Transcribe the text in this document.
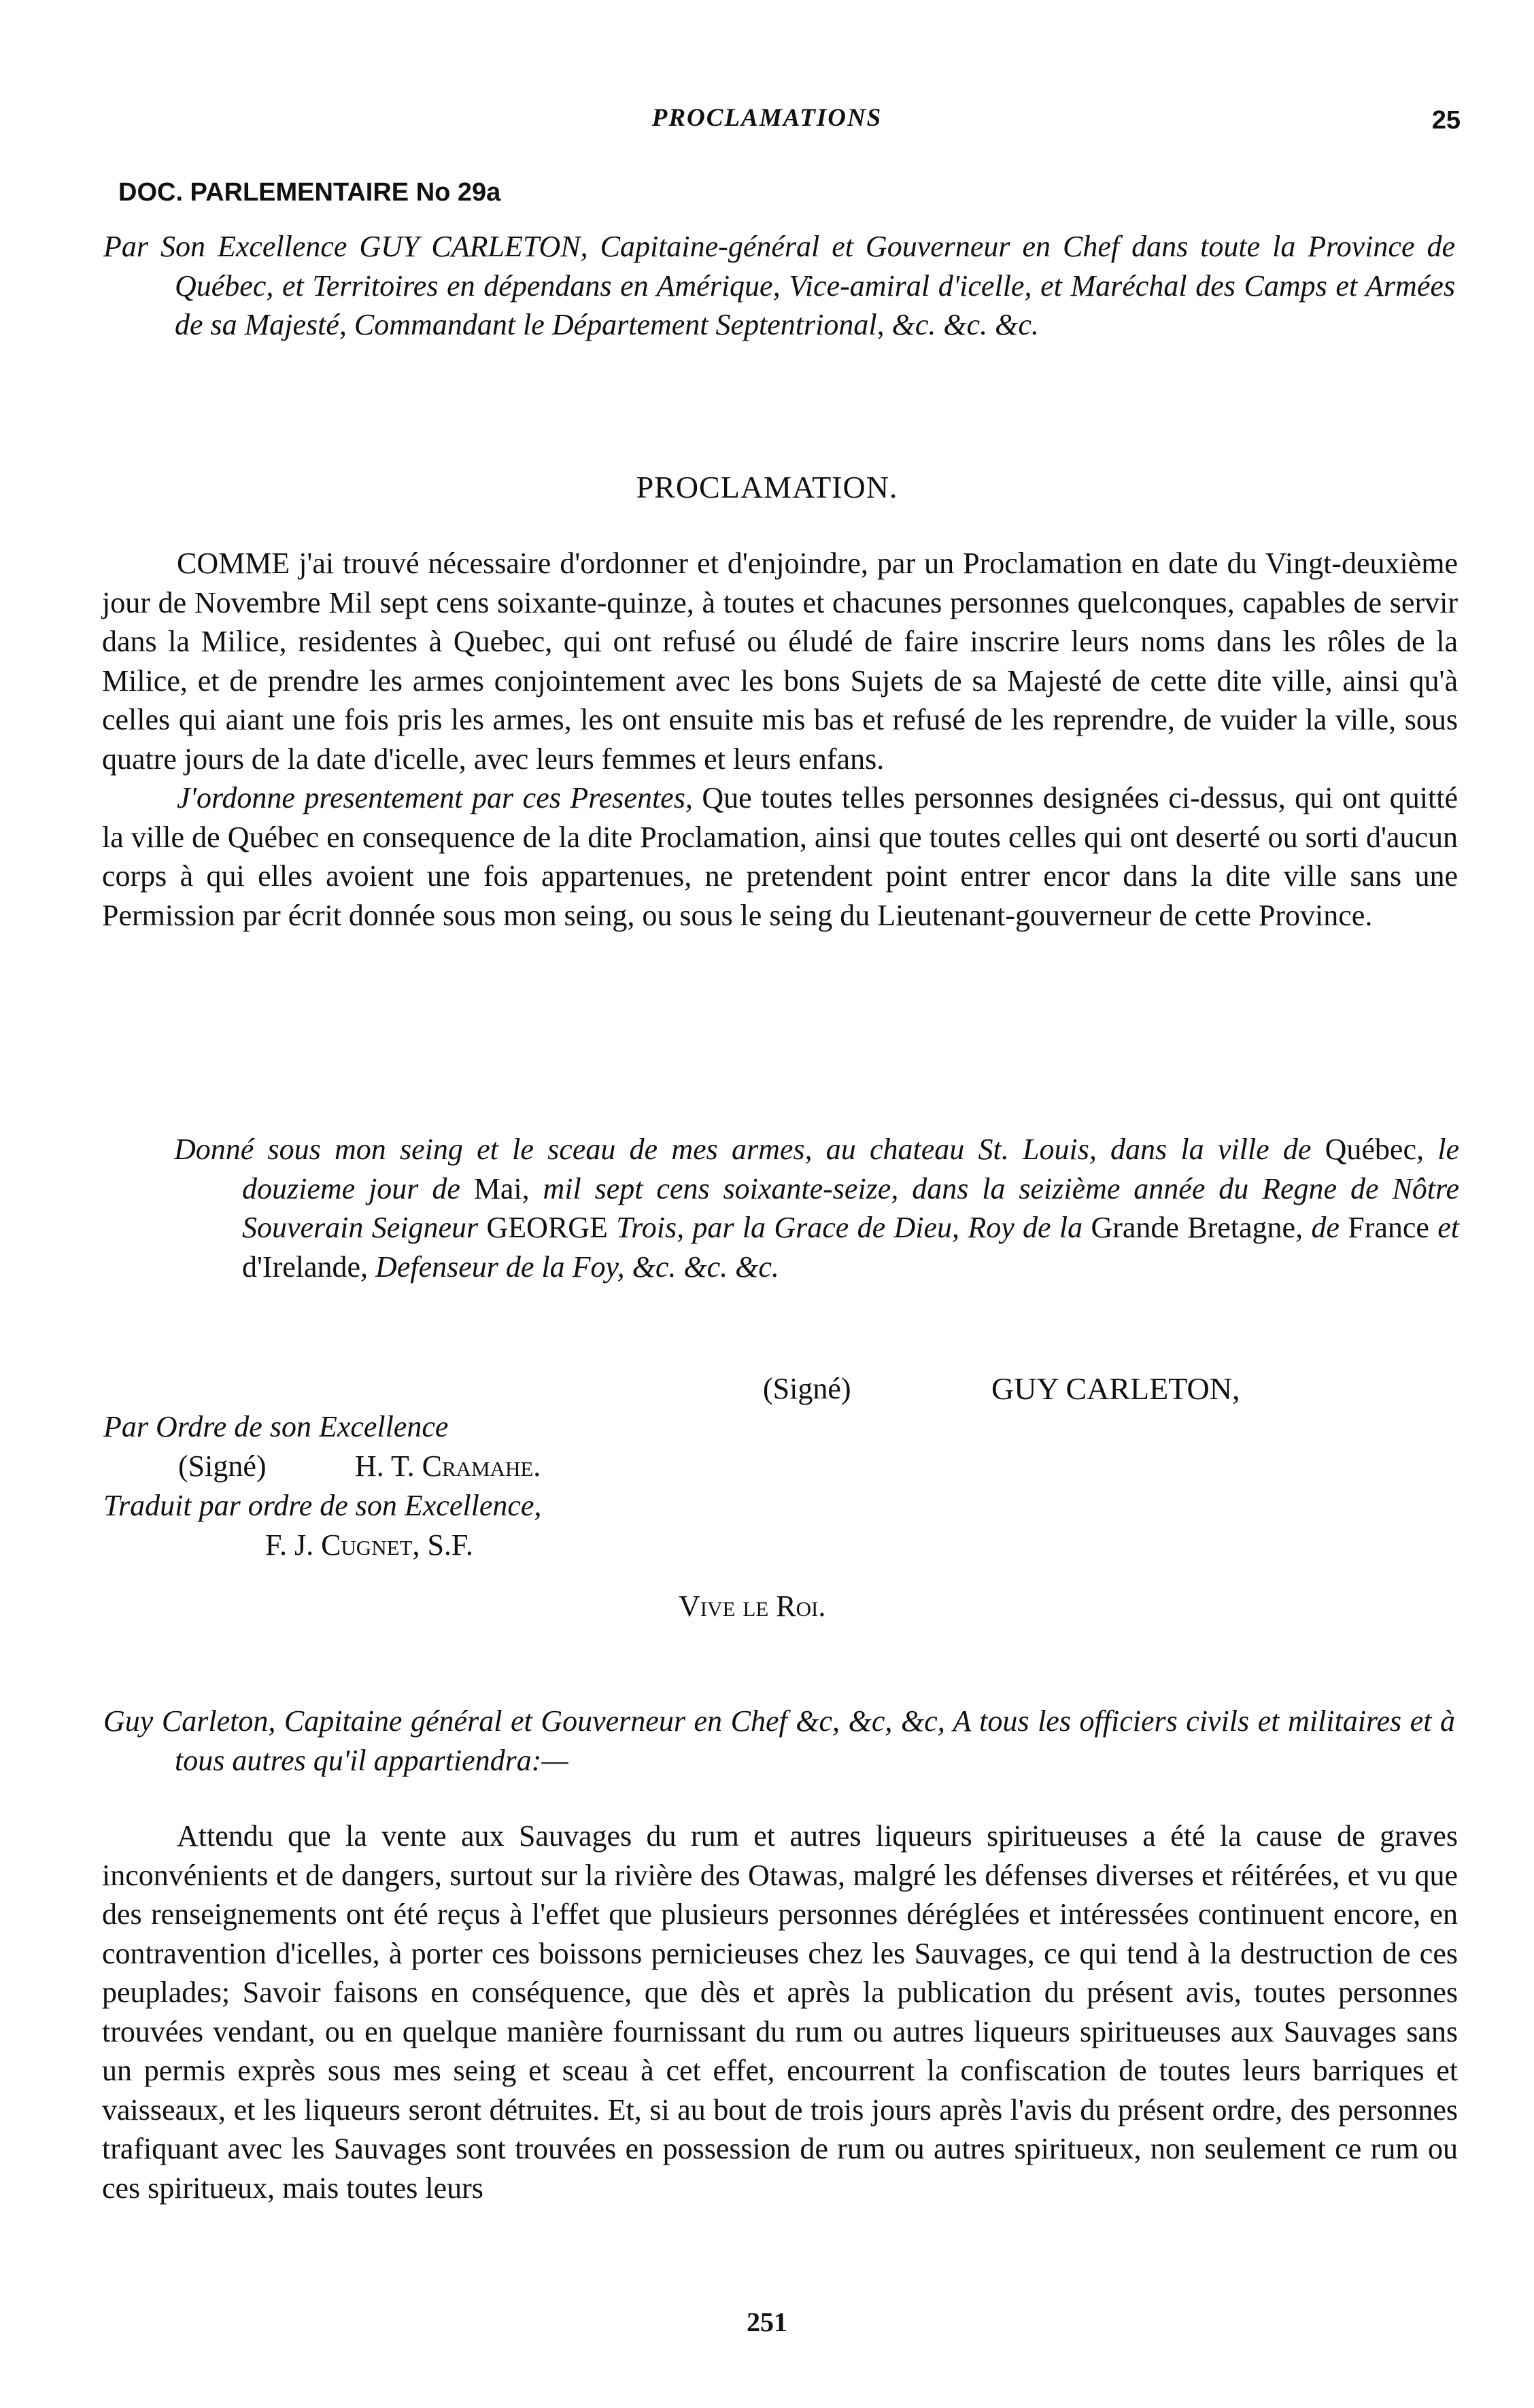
PROCLAMATIONS	25
DOC. PARLEMENTAIRE No 29a

Par Son Excellence GUY CARLETON, Capitaine-général et Gouverneur en Chef dans toute la Province de Québec, et Territoires en dépendans en Amérique, Vice-amiral d'icelle, et Maréchal des Camps et Armées de sa Majesté, Commandant le Département Septentrional, &c. &c. &c.

PROCLAMATION.

COMME j'ai trouvé nécessaire d'ordonner et d'enjoindre, par un Proclamation en date du Vingt-deuxième jour de Novembre Mil sept cens soixante-quinze, à toutes et chacunes personnes quelconques, capables de servir dans la Milice, residentes à Quebec, qui ont refusé ou éludé de faire inscrire leurs noms dans les rôles de la Milice, et de prendre les armes conjointement avec les bons Sujets de sa Majesté de cette dite ville, ainsi qu'à celles qui aiant une fois pris les armes, les ont ensuite mis bas et refusé de les reprendre, de vuider la ville, sous quatre jours de la date d'icelle, avec leurs femmes et leurs enfans.

J'ordonne presentement par ces Presentes, Que toutes telles personnes designées ci-dessus, qui ont quitté la ville de Québec en consequence de la dite Proclamation, ainsi que toutes celles qui ont deserté ou sorti d'aucun corps à qui elles avoient une fois appartenues, ne pretendent point entrer encor dans la dite ville sans une Permission par écrit donnée sous mon seing, ou sous le seing du Lieutenant-gouverneur de cette Province.

Donné sous mon seing et le sceau de mes armes, au chateau St. Louis, dans la ville de Québec, le douzieme jour de Mai, mil sept cens soixante-seize, dans la seizième année du Regne de Nôtre Souverain Seigneur GEORGE Trois, par la Grace de Dieu, Roy de la Grande Bretagne, de France et d'Irelande, Defenseur de la Foy, &c. &c. &c.

(Signé)	GUY CARLETON,
Par Ordre de son Excellence
(Signé)	H. T. Cramahe.
Traduit par ordre de son Excellence,
F. J. Cugnet, S.F.
Vive le Roi.

Guy Carleton, Capitaine général et Gouverneur en Chef &c, &c, &c, A tous les officiers civils et militaires et à tous autres qu'il appartiendra:—

Attendu que la vente aux Sauvages du rum et autres liqueurs spiritueuses a été la cause de graves inconvénients et de dangers, surtout sur la rivière des Otawas, malgré les défenses diverses et réitérées, et vu que des renseignements ont été reçus à l'effet que plusieurs personnes déréglées et intéressées continuent encore, en contravention d'icelles, à porter ces boissons pernicieuses chez les Sauvages, ce qui tend à la destruction de ces peuplades; Savoir faisons en conséquence, que dès et après la publication du présent avis, toutes personnes trouvées vendant, ou en quelque manière fournissant du rum ou autres liqueurs spiritueuses aux Sauvages sans un permis exprès sous mes seing et sceau à cet effet, encourrent la confiscation de toutes leurs barriques et vaisseaux, et les liqueurs seront détruites. Et, si au bout de trois jours après l'avis du présent ordre, des personnes trafiquant avec les Sauvages sont trouvées en possession de rum ou autres spiritueux, non seulement ce rum ou ces spiritueux, mais toutes leurs

251
